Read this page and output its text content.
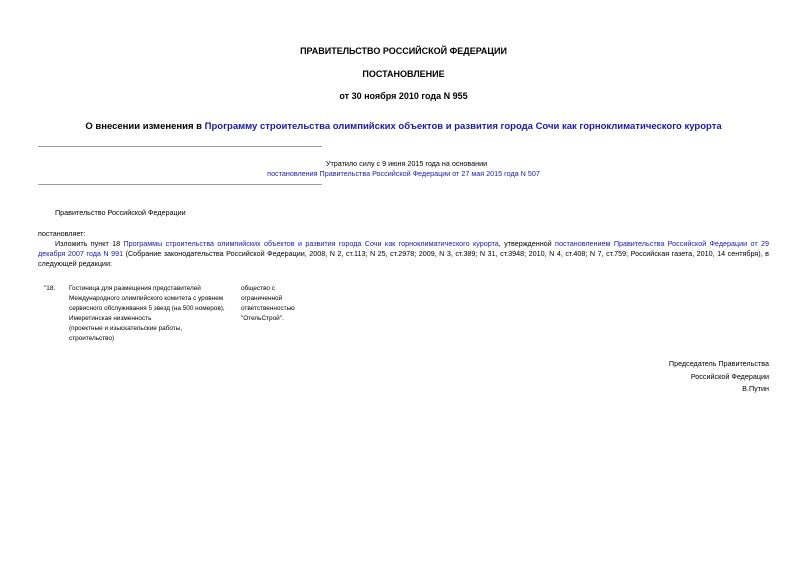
ПРАВИТЕЛЬСТВО РОССИЙСКОЙ ФЕДЕРАЦИИ
ПОСТАНОВЛЕНИЕ
от 30 ноября 2010 года N 955
О внесении изменения в Программу строительства олимпийских объектов и развития города Сочи как горноклиматического курорта
Утратило силу с 9 июня 2015 года на основании
постановления Правительства Российской Федерации от 27 мая 2015 года N 507
Правительство Российской Федерации
постановляет:
Изложить пункт 18 Программы строительства олимпийских объектов и развития города Сочи как горноклиматического курорта, утвержденной постановлением Правительства Российской Федерации от 29 декабря 2007 года N 991 (Собрание законодательства Российской Федерации, 2008, N 2, ст.113; N 25, ст.2978; 2009, N 3, ст.389; N 31, ст.3948; 2010, N 4, ст.408; N 7, ст.759; Российская газета, 2010, 14 сентября), в следующей редакции:
"18. Гостиница для размещения представителей
Международного олимпийского комитета с уровнем
сервисного обслуживания 5 звезд (на 500 номеров),
Имеретинская низменность
(проектные и изыскательские работы,
строительство)
общество с
ограниченной
ответственностью
"ОтельСтрой".
Председатель Правительства
Российской Федерации
В.Путин
